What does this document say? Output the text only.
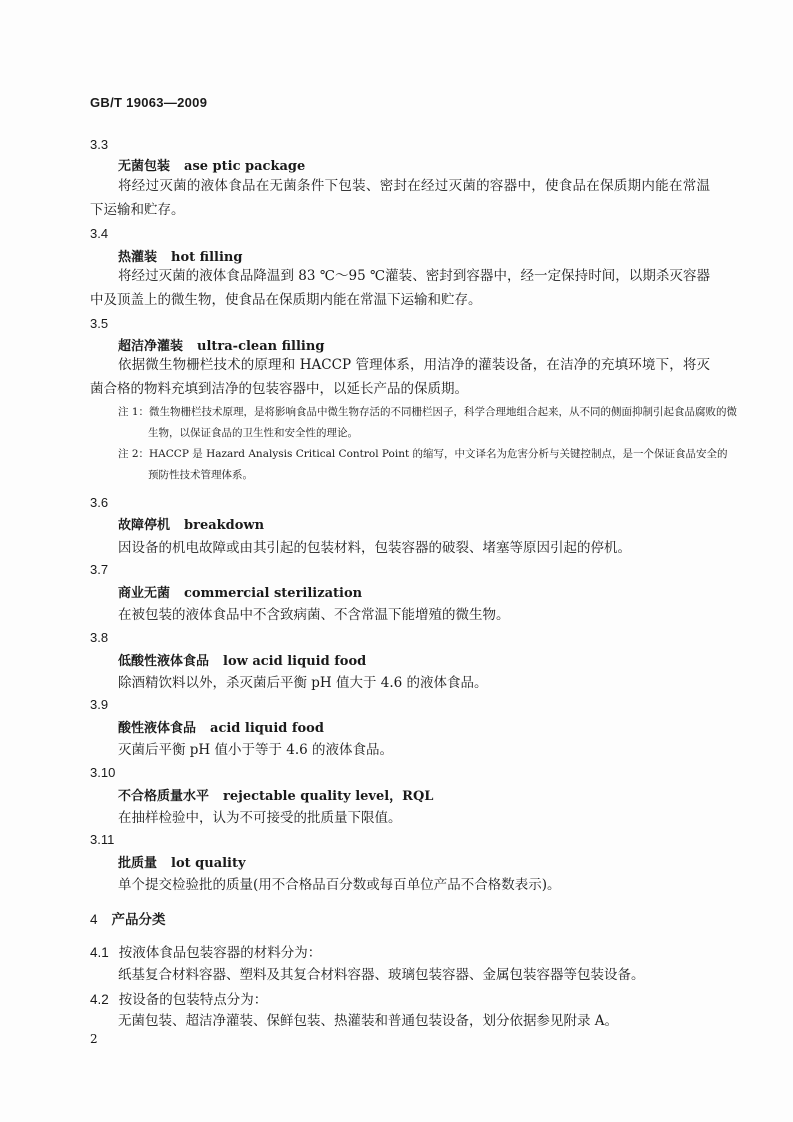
GB/T 19063—2009
3.3
无菌包装 ase ptic package
将经过灭菌的液体食品在无菌条件下包装、密封在经过灭菌的容器中，使食品在保质期内能在常温下运输和贮存。
3.4
热灌装 hot filling
将经过灭菌的液体食品降温到 83 ℃～95 ℃灌装、密封到容器中，经一定保持时间，以期杀灭容器中及顶盖上的微生物，使食品在保质期内能在常温下运输和贮存。
3.5
超洁净灌装 ultra-clean filling
依据微生物栅栏技术的原理和 HACCP 管理体系，用洁净的灌装设备，在洁净的充填环境下，将灭菌合格的物料充填到洁净的包装容器中，以延长产品的保质期。
注 1：微生物栅栏技术原理，是将影响食品中微生物存活的不同栅栏因子，科学合理地组合起来，从不同的侧面抑制引起食品腐败的微生物，以保证食品的卫生性和安全性的理论。
注 2：HACCP 是 Hazard Analysis Critical Control Point 的缩写，中文译名为危害分析与关键控制点，是一个保证食品安全的预防性技术管理体系。
3.6
故障停机 breakdown
因设备的机电故障或由其引起的包装材料，包装容器的破裂、堵塞等原因引起的停机。
3.7
商业无菌 commercial sterilization
在被包装的液体食品中不含致病菌、不含常温下能增殖的微生物。
3.8
低酸性液体食品 low acid liquid food
除酒精饮料以外，杀灭菌后平衡 pH 值大于 4.6 的液体食品。
3.9
酸性液体食品 acid liquid food
灭菌后平衡 pH 值小于等于 4.6 的液体食品。
3.10
不合格质量水平 rejectable quality level，RQL
在抽样检验中，认为不可接受的批质量下限值。
3.11
批质量 lot quality
单个提交检验批的质量(用不合格品百分数或每百单位产品不合格数表示)。
4 产品分类
4.1 按液体食品包装容器的材料分为：
纸基复合材料容器、塑料及其复合材料容器、玻璃包装容器、金属包装容器等包装设备。
4.2 按设备的包装特点分为：
无菌包装、超洁净灌装、保鲜包装、热灌装和普通包装设备，划分依据参见附录 A。
2
